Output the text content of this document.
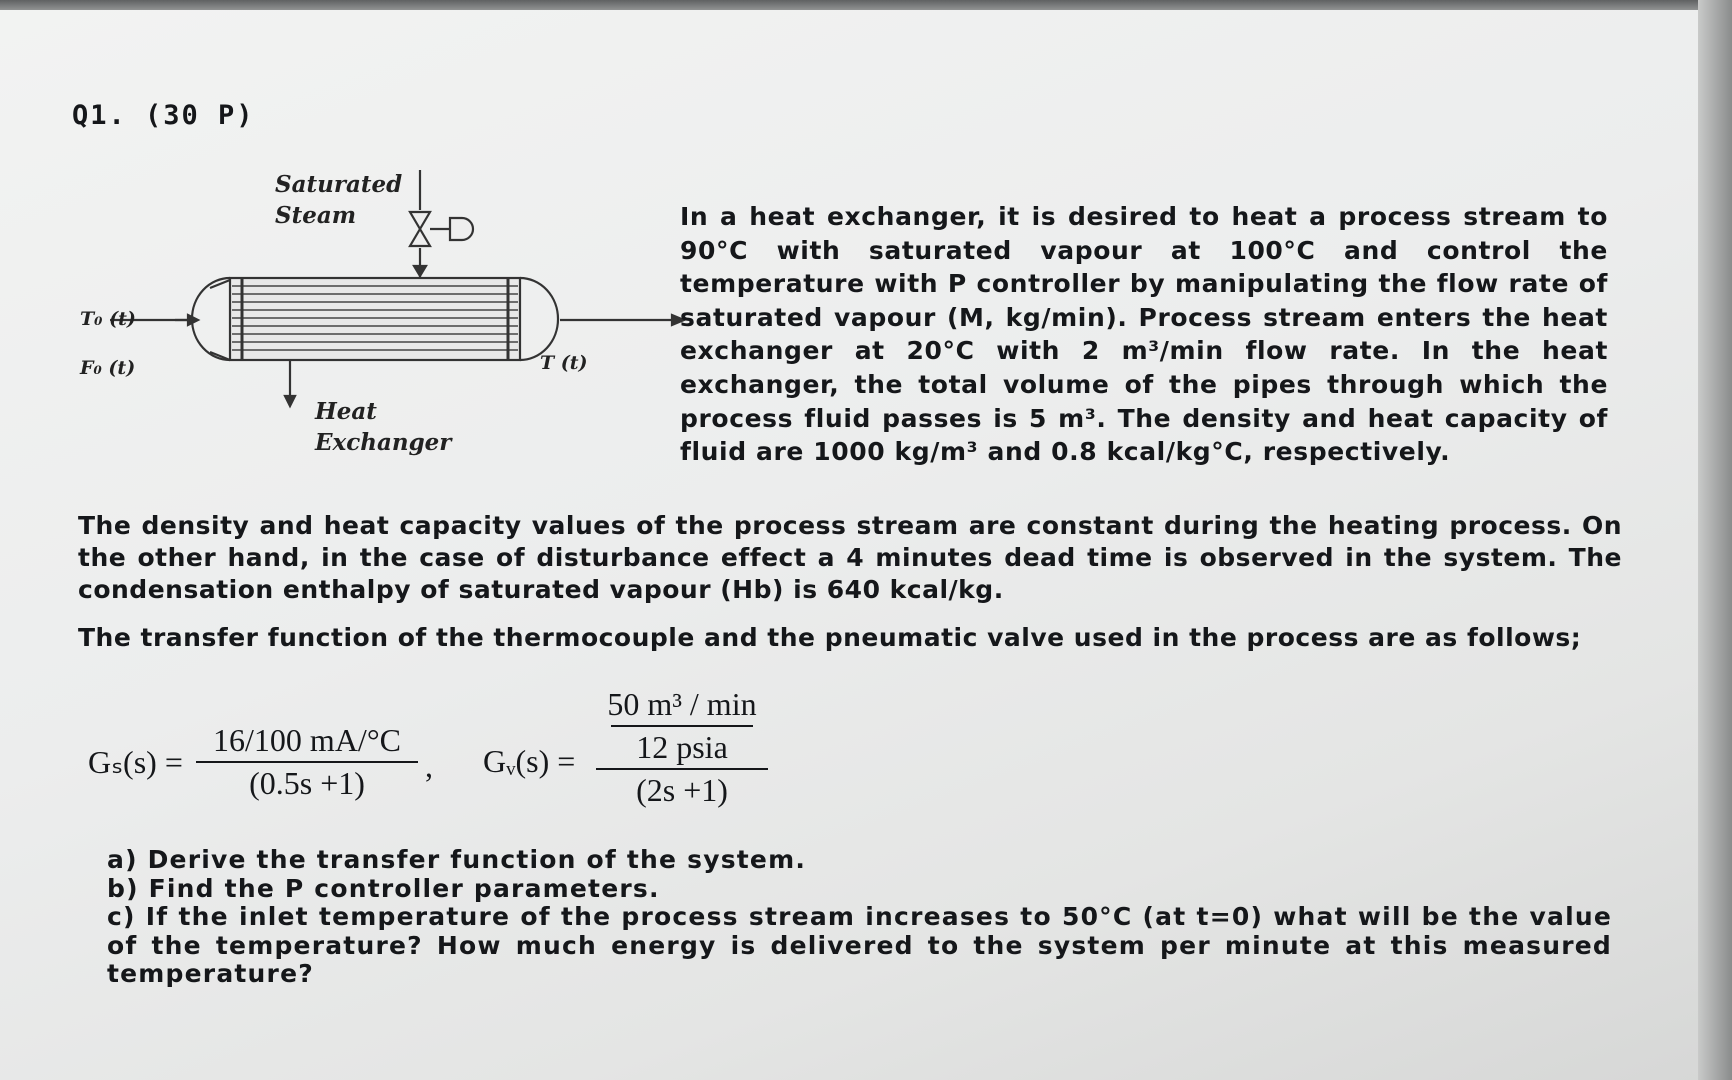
Q1. (30 P)
Saturated
Steam
T₀ (t)
F₀ (t)	T (t)
Heat
Exchanger
In a heat exchanger, it is desired to heat a process stream to 90°C with saturated vapour at 100°C and control the temperature with P controller by manipulating the flow rate of saturated vapour (M, kg/min). Process stream enters the heat exchanger at 20°C with 2 m³/min flow rate. In the heat exchanger, the total volume of the pipes through which the process fluid passes is 5 m³. The density and heat capacity of fluid are 1000 kg/m³ and 0.8 kcal/kg°C, respectively.
The density and heat capacity values of the process stream are constant during the heating process. On the other hand, in the case of disturbance effect a 4 minutes dead time is observed in the system. The condensation enthalpy of saturated vapour (Hb) is 640 kcal/kg.
The transfer function of the thermocouple and the pneumatic valve used in the process are as follows;
Gₛ(s) =
16/100 mA/°C
(0.5s +1)	, Gᵥ(s) =
50 m³ / min
12 psia
(2s +1)
a) Derive the transfer function of the system.
b) Find the P controller parameters.
c) If the inlet temperature of the process stream increases to 50°C (at t=0) what will be the value of the temperature? How much energy is delivered to the system per minute at this measured temperature?
